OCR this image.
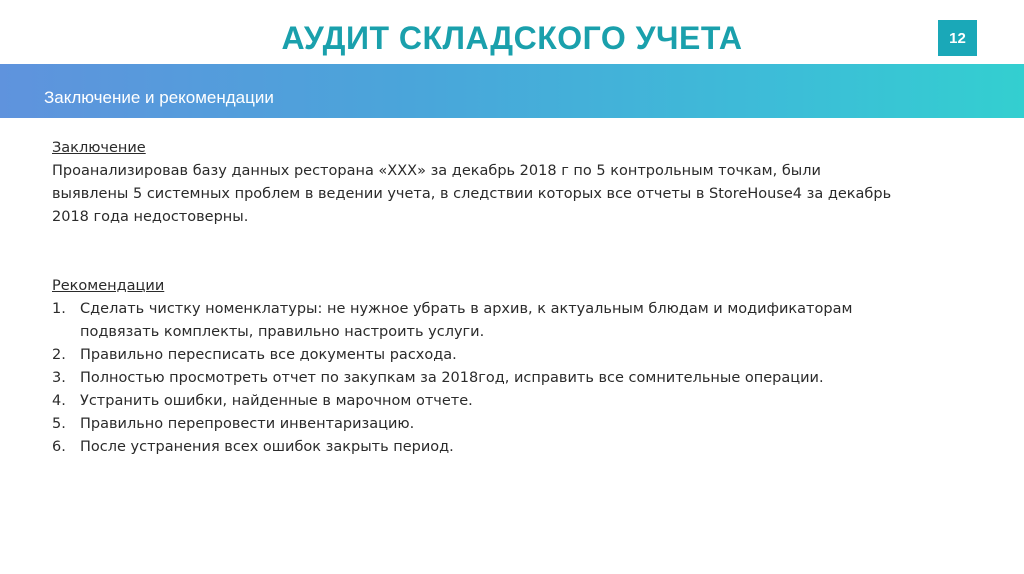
АУДИТ СКЛАДСКОГО УЧЕТА	12
Заключение и рекомендации
Заключение

Проанализировав базу данных ресторана «ХХХ» за декабрь 2018 г по 5 контрольным точкам, были

выявлены 5 системных проблем в ведении учета, в следствии которых все отчеты в StoreHouse4 за декабрь

2018 года недостоверны.

Рекомендации
1. Сделать чистку номенклатуры: не нужное убрать в архив, к актуальным блюдам и модификаторам
подвязать комплекты, правильно настроить услуги.
2. Правильно переспиcать все документы расхода.
3. Полностью просмотреть отчет по закупкам за 2018год, исправить все сомнительные операции.
4. Устранить ошибки, найденные в марочном отчете.
5. Правильно перепровести инвентаризацию.
6. После устранения всех ошибок закрыть период.
